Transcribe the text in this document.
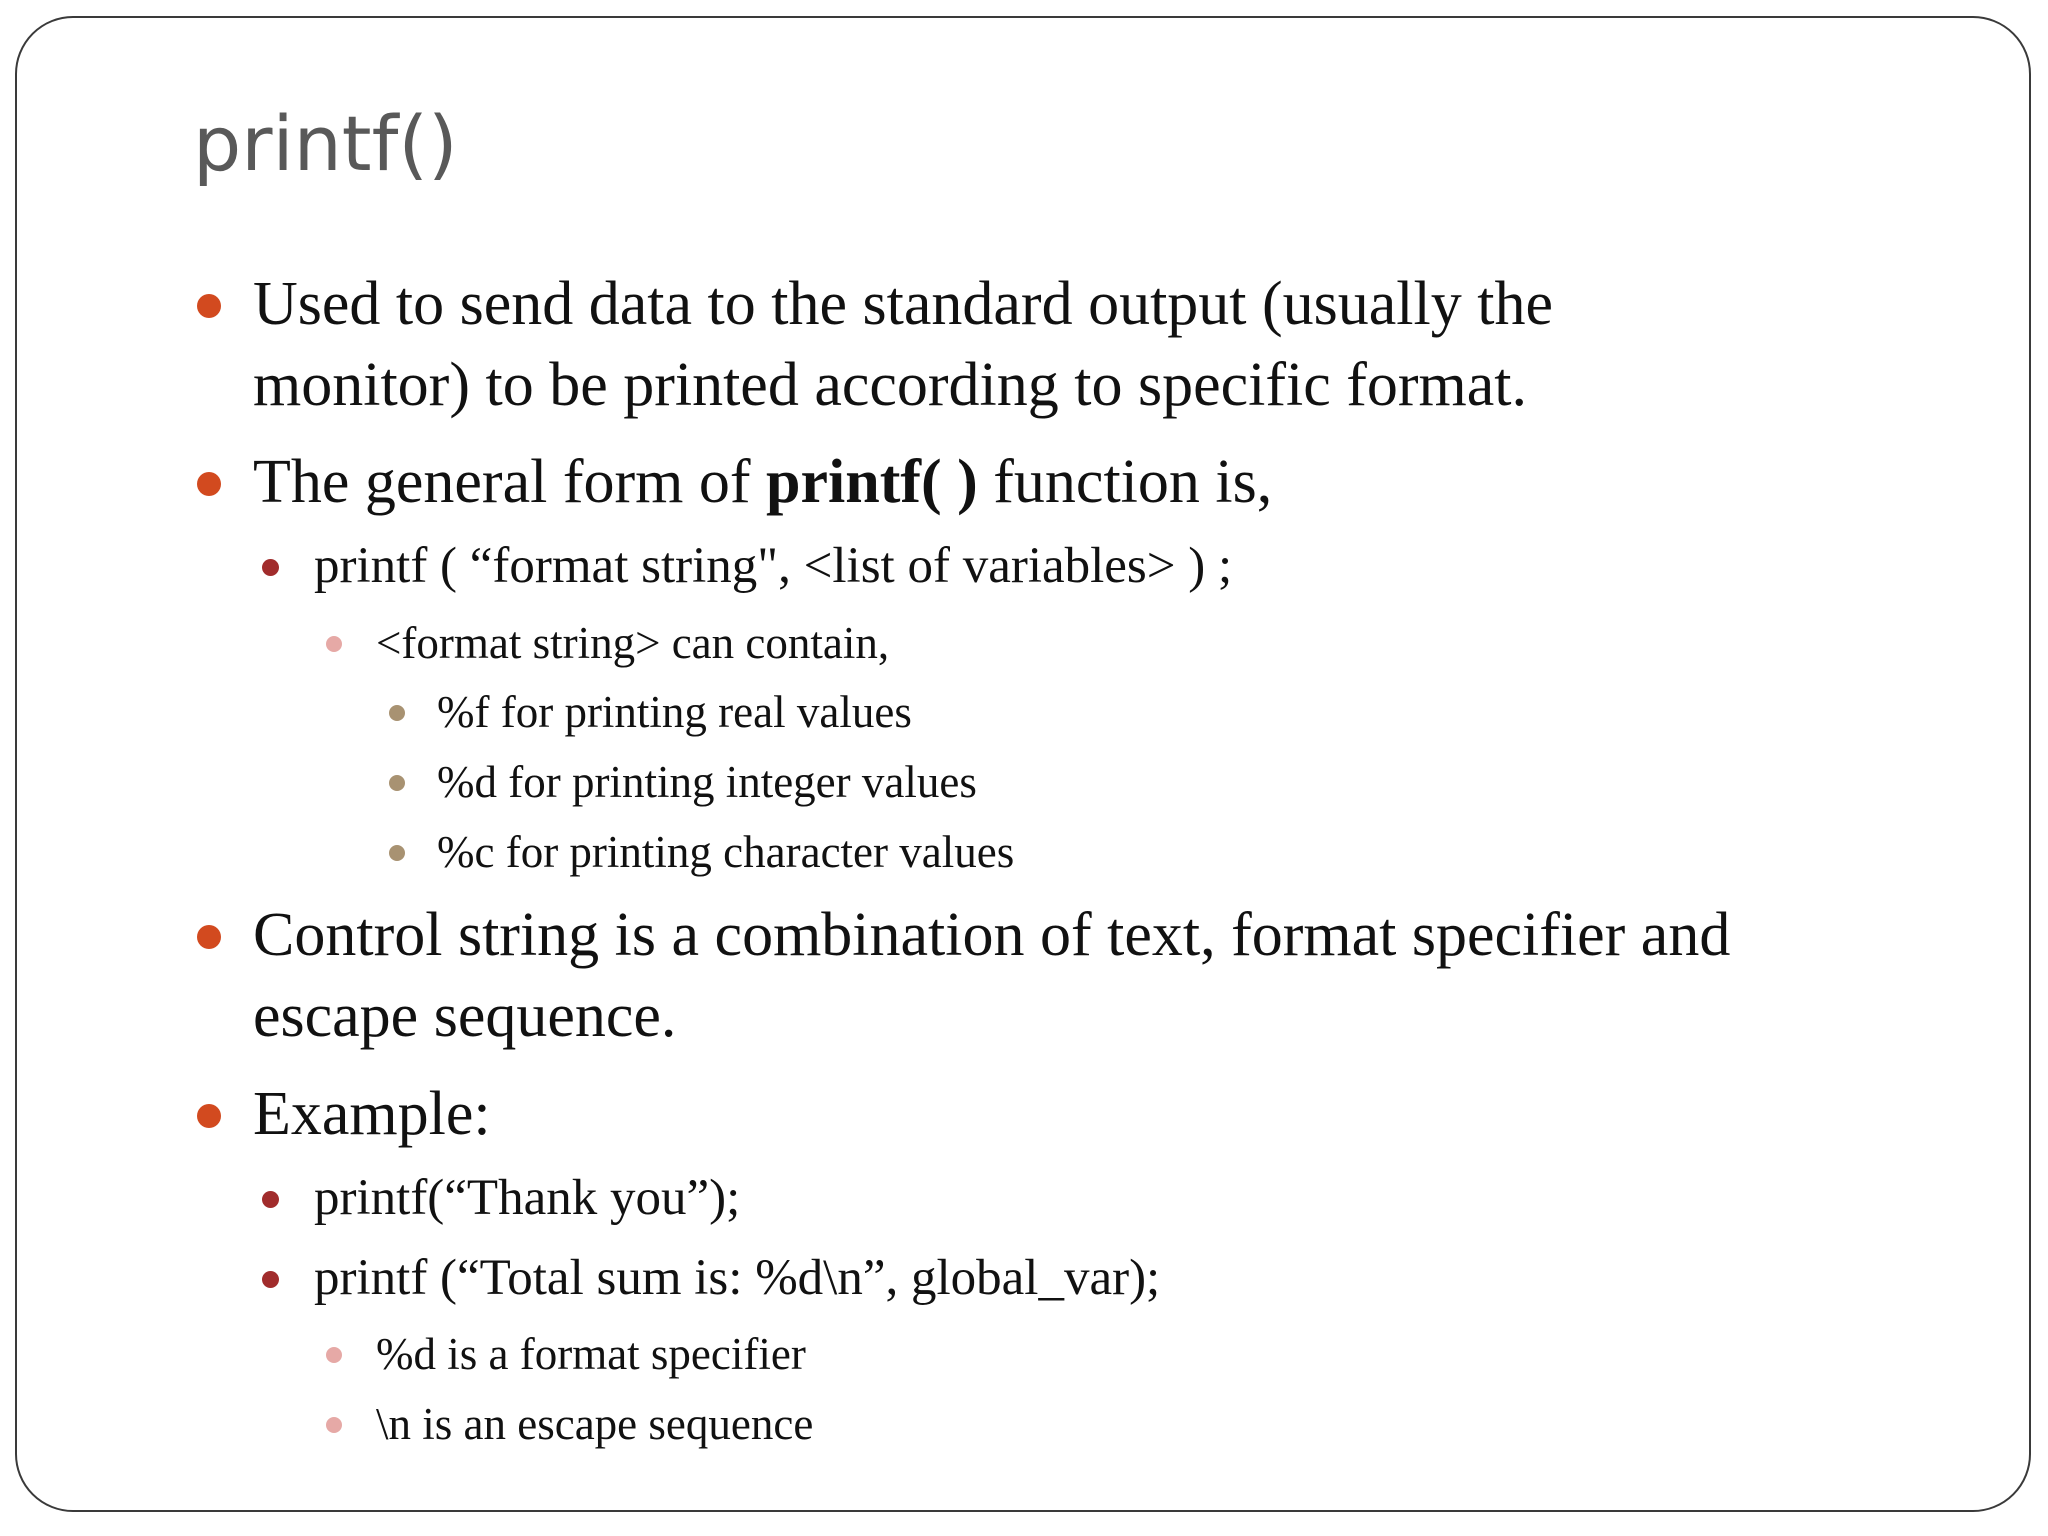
printf()
Used to send data to the standard output (usually the
monitor) to be printed according to specific format.
The general form of printf( ) function is,
printf ( “format string", <list of variables> ) ;
<format string> can contain,
%f for printing real values
%d for printing integer values
%c for printing character values
Control string is a combination of text, format specifier and
escape sequence.
Example:
printf(“Thank you”);
printf (“Total sum is: %d\n”, global_var);
%d is a format specifier
\n is an escape sequence
